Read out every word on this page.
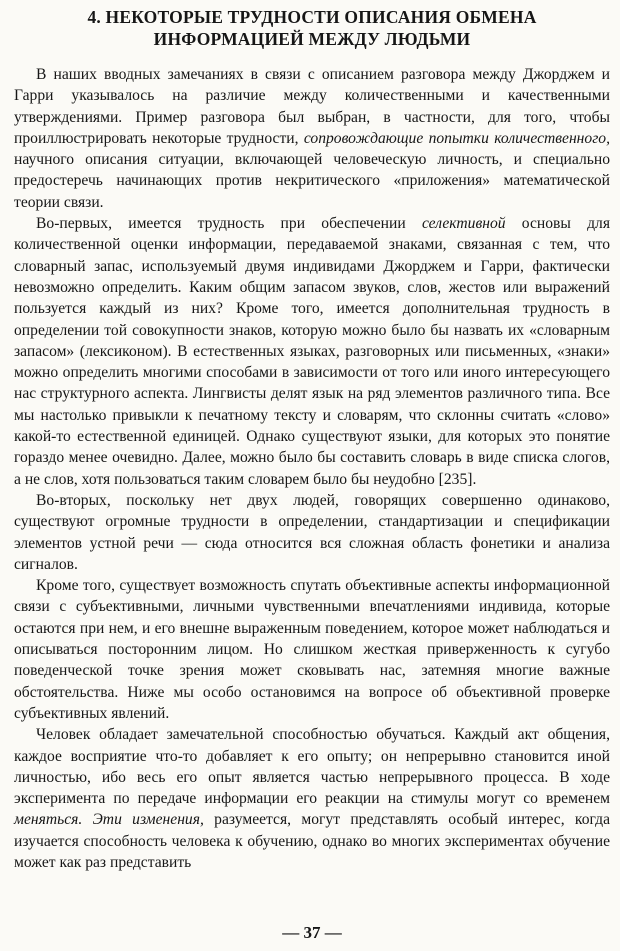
4. НЕКОТОРЫЕ ТРУДНОСТИ ОПИСАНИЯ ОБМЕНА
ИНФОРМАЦИЕЙ МЕЖДУ ЛЮДЬМИ

В наших вводных замечаниях в связи с описанием разговора между Джорджем и Гарри указывалось на различие между количественными и качественными утверждениями. Пример разговора был выбран, в частности, для того, чтобы проиллюстрировать некоторые трудности, сопровождающие попытки количественного, научного описания ситуации, включающей человеческую личность, и специально предостеречь начинающих против некритического «приложения» математической теории связи.

Во-первых, имеется трудность при обеспечении селективной основы для количественной оценки информации, передаваемой знаками, связанная с тем, что словарный запас, используемый двумя индивидами Джорджем и Гарри, фактически невозможно определить. Каким общим запасом звуков, слов, жестов или выражений пользуется каждый из них? Кроме того, имеется дополнительная трудность в определении той совокупности знаков, которую можно было бы назвать их «словарным запасом» (лексиконом). В естественных языках, разговорных или письменных, «знаки» можно определить многими способами в зависимости от того или иного интересующего нас структурного аспекта. Лингвисты делят язык на ряд элементов различного типа. Все мы настолько привыкли к печатному тексту и словарям, что склонны считать «слово» какой-то естественной единицей. Однако существуют языки, для которых это понятие гораздо менее очевидно. Далее, можно было бы составить словарь в виде списка слогов, а не слов, хотя пользоваться таким словарем было бы неудобно [235].

Во-вторых, поскольку нет двух людей, говорящих совершенно одинаково, существуют огромные трудности в определении, стандартизации и спецификации элементов устной речи — сюда относится вся сложная область фонетики и анализа сигналов.

Кроме того, существует возможность спутать объективные аспекты информационной связи с субъективными, личными чувственными впечатлениями индивида, которые остаются при нем, и его внешне выраженным поведением, которое может наблюдаться и описываться посторонним лицом. Но слишком жесткая приверженность к сугубо поведенческой точке зрения может сковывать нас, затемняя многие важные обстоятельства. Ниже мы особо остановимся на вопросе об объективной проверке субъективных явлений.

Человек обладает замечательной способностью обучаться. Каждый акт общения, каждое восприятие что-то добавляет к его опыту; он непрерывно становится иной личностью, ибо весь его опыт является частью непрерывного процесса. В ходе эксперимента по передаче информации его реакции на стимулы могут со временем меняться. Эти изменения, разумеется, могут представлять особый интерес, когда изучается способность человека к обучению, однако во многих экспериментах обучение может как раз представить

— 37 —
